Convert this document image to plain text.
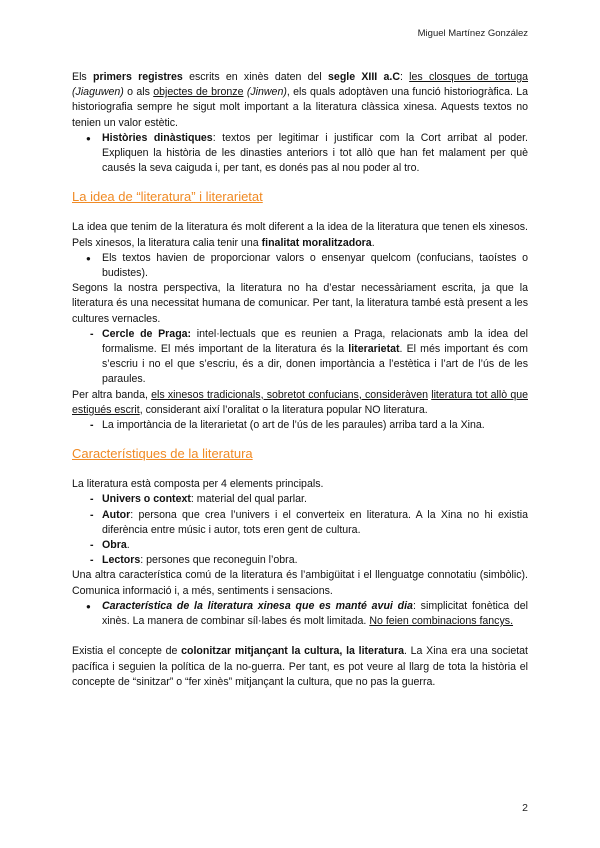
Miguel Martínez González

Els primers registres escrits en xinès daten del segle XIII a.C: les closques de tortuga (Jiaguwen) o als objectes de bronze (Jinwen), els quals adoptàven una funció historiogràfica. La historiografia sempre he sigut molt important a la literatura clàssica xinesa. Aquests textos no tenien un valor estètic.

● Històries dinàstiques: textos per legitimar i justificar com la Cort arribat al poder. Expliquen la història de les dinasties anteriors i tot allò que han fet malament per què causés la seva caiguda i, per tant, es donés pas al nou poder al tro.

La idea de “literatura” i literarietat

La idea que tenim de la literatura és molt diferent a la idea de la literatura que tenen els xinesos. Pels xinesos, la literatura calia tenir una finalitat moralitzadora.

● Els textos havien de proporcionar valors o ensenyar quelcom (confucians, taoístes o budistes).

Segons la nostra perspectiva, la literatura no ha d’estar necessàriament escrita, ja que la literatura és una necessitat humana de comunicar. Per tant, la literatura també està present a les cultures vernacles.

- Cercle de Praga: intel·lectuals que es reunien a Praga, relacionats amb la idea del formalisme. El més important de la literatura és la literarietat. El més important és com s’escriu i no el que s’escriu, és a dir, donen importància a l’estètica i l’art de l’ús de les paraules.

Per altra banda, els xinesos tradicionals, sobretot confucians, consideràven literatura tot allò que estigués escrit, considerant així l’oralitat o la literatura popular NO literatura.

- La importància de la literarietat (o art de l’ús de les paraules) arriba tard a la Xina.

Característiques de la literatura

La literatura està composta per 4 elements principals.

- Univers o context: material del qual parlar.
- Autor: persona que crea l’univers i el converteix en literatura. A la Xina no hi existia diferència entre músic i autor, tots eren gent de cultura.
- Obra.
- Lectors: persones que reconeguin l’obra.

Una altra característica comú de la literatura és l’ambigüitat i el llenguatge connotatiu (simbòlic). Comunica informació i, a més, sentiments i sensacions.

● Característica de la literatura xinesa que es manté avui dia: simplicitat fonètica del xinès. La manera de combinar síl·labes és molt limitada. No feien combinacions fancys.

Existia el concepte de colonitzar mitjançant la cultura, la literatura. La Xina era una societat pacífica i seguien la política de la no-guerra. Per tant, es pot veure al llarg de tota la història el concepte de “sinitzar” o “fer xinès” mitjançant la cultura, que no pas la guerra.

2
